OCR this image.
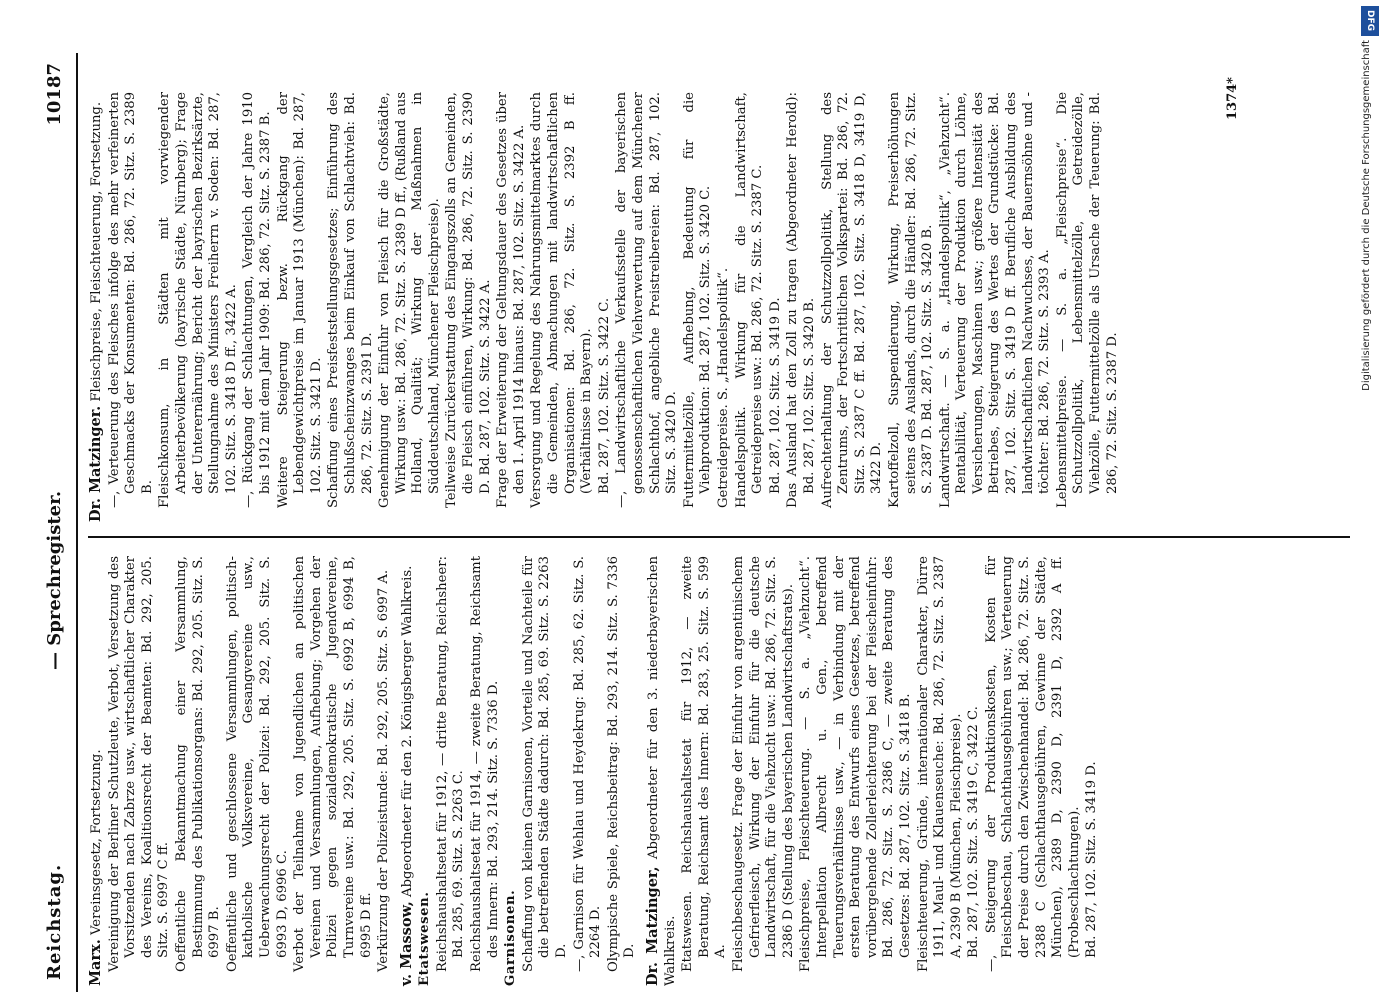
Reichstag.
— Sprechregister.
10187

Marx. Vereinsgesetz, Fortsetzung. Vereinigung der Berliner Schutzleute, Verbot, Versetzung des Vorsitzenden nach Zabrze usw., wirtschaftlicher Charakter des Vereins, Koalitionsrecht der Beamten: Bd. 292, 205. Sitz. S. 6997 C ff. Oeffentliche Bekanntmachung einer Versammlung, Bestimmung des Publikationsorgans: Bd. 292, 205. Sitz. S. 6997 B. Oeffentliche und geschlossene Versammlungen, politisch-katholische Volksvereine, Gesangvereine usw., Ueberwachungsrecht der Polizei: Bd. 292, 205. Sitz. S. 6993 D, 6996 C. Verbot der Teilnahme von Jugendlichen an politischen Vereinen und Versammlungen, Aufhebung; Vorgehen der Polizei gegen sozialdemokratische Jugendvereine, Turnvereine usw.: Bd. 292, 205. Sitz. S. 6992 B, 6994 B, 6995 D ff. Verkürzung der Polizeistunde: Bd. 292, 205. Sitz. S. 6997 A. v. Massow, Abgeordneter für den 2. Königsberger Wahlkreis.

Etatswesen. Reichshaushaltsetat für 1912, — dritte Beratung, Reichsheer: Bd. 285, 69. Sitz. S. 2263 C. Reichshaushaltsetat für 1914, — zweite Beratung, Reichsamt des Innern: Bd. 293, 214. Sitz. S. 7336 D. Garnisonen. Schaffung von kleinen Garnisonen, Vorteile und Nachteile für die betreffenden Städte dadurch: Bd. 285, 69. Sitz. S. 2263 D. —, Garnison für Wehlau und Heydekrug: Bd. 285, 62. Sitz. S. 2264 D. Olympische Spiele, Reichsbeitrag: Bd. 293, 214. Sitz. S. 7336 D. Dr. Matzinger, Abgeordneter für den 3. niederbayerischen Wahlkreis. Etatswesen. Reichshaushaltsetat für 1912, — zweite Beratung, Reichsamt des Innern: Bd. 283, 25. Sitz. S. 599 A. Fleischbeschaugesetz. Frage der Einfuhr von argentinischem Gefrierfleisch, Wirkung der Einfuhr für die deutsche Landwirtschaft, für die Viehzucht usw.: Bd. 286, 72. Sitz. S. 2386 D (Stellung des bayerischen Landwirtschaftsrats). Fleischpreise, Fleischteuerung. — S. a. „Viehzucht“. Interpellation Albrecht u. Gen., betreffend Teuerungsverhältnisse usw., — in Verbindung mit der ersten Beratung des Entwurfs eines Gesetzes, betreffend vorübergehende Zollerleichterung bei der Fleischeinfuhr: Bd. 286, 72. Sitz. S. 2386 C, — zweite Beratung des Gesetzes: Bd. 287, 102. Sitz. S. 3418 B. Fleischteuerung, Gründe, internationaler Charakter, Dürre 1911, Maul- und Klauenseuche: Bd. 286, 72. Sitz. S. 2387 A, 2390 B (München, Fleischpreise). Bd. 287, 102. Sitz. S. 3419 C, 3422 C. —, Steigerung der Produktionskosten, Kosten für Fleischbeschau, Schlachthausgebühren usw.; Verteuerung der Preise durch den Zwischenhandel: Bd. 286, 72. Sitz. S. 2388 C (Schlachthausgebühren, Gewinne der Städte, München), 2389 D, 2390 D, 2391 D, 2392 A ff. (Probeschlachtungen). Bd. 287, 102. Sitz. S. 3419 D.

Dr. Matzinger. Fleischpreise, Fleischteuerung, Fortsetzung. —, Verteuerung des Fleisches infolge des mehr verfeinerten Geschmacks der Konsumenten: Bd. 286, 72. Sitz. S. 2389 B. Fleischkonsum, in Städten mit vorwiegender Arbeiterbevölkerung (bayrische Städte, Nürnberg); Frage der Unterernährung; Bericht der bayrischen Bezirksärzte, Stellungnahme des Ministers Freiherrn v. Soden: Bd. 287, 102. Sitz. S. 3418 D ff., 3422 A. —, Rückgang der Schlachtungen, Vergleich der Jahre 1910 bis 1912 mit dem Jahr 1909: Bd. 286, 72. Sitz. S. 2387 B. Weitere Steigerung bezw. Rückgang der Lebendgewichtpreise im Januar 1913 (München): Bd. 287, 102. Sitz. S. 3421 D. Schaffung eines Preisfeststellungsgesetzes; Einführung des Schlußscheinzwanges beim Einkauf von Schlachtvieh: Bd. 286, 72. Sitz. S. 2391 D. Genehmigung der Einfuhr von Fleisch für die Großstädte, Wirkung usw.: Bd. 286, 72. Sitz. S. 2389 D ff., (Rußland aus Holland, Qualität; Wirkung der Maßnahmen in Süddeutschland, Münchener Fleischpreise). Teilweise Zurückerstattung des Eingangszolls an Gemeinden, die Fleisch einführen, Wirkung: Bd. 286, 72. Sitz. S. 2390 D. Bd. 287, 102. Sitz. S. 3422 A. Frage der Erweiterung der Geltungsdauer des Gesetzes über den 1. April 1914 hinaus: Bd. 287, 102. Sitz. S. 3422 A. Versorgung und Regelung des Nahrungsmittelmarktes durch die Gemeinden, Abmachungen mit landwirtschaftlichen Organisationen: Bd. 286, 72. Sitz. S. 2392 B ff. (Verhältnisse in Bayern). Bd. 287, 102. Sitz. S. 3422 C. —, Landwirtschaftliche Verkaufsstelle der bayerischen genossenschaftlichen Viehverwertung auf dem Münchener Schlachthof, angebliche Preistreibereien: Bd. 287, 102. Sitz. S. 3420 D. Futtermittelzölle, Aufhebung, Bedeutung für die Viehproduktion: Bd. 287, 102. Sitz. S. 3420 C. Getreidepreise. S. „Handelspolitik“. Handelspolitik. Wirkung für die Landwirtschaft, Getreidepreise usw.: Bd. 286, 72. Sitz. S. 2387 C. Bd. 287, 102. Sitz. S. 3419 D. Das Ausland hat den Zoll zu tragen (Abgeordneter Herold): Bd. 287, 102. Sitz. S. 3420 B. Aufrechterhaltung der Schutzzollpolitik, Stellung des Zentrums, der Fortschrittlichen Volkspartei: Bd. 286, 72. Sitz. S. 2387 C ff. Bd. 287, 102. Sitz. S. 3418 D, 3419 D, 3422 D. Kartoffelzoll, Suspendierung, Wirkung, Preiserhöhungen seitens des Auslands, durch die Händler: Bd. 286, 72. Sitz. S. 2387 D. Bd. 287, 102. Sitz. S. 3420 B. Landwirtschaft. — S. a. „Handelspolitik“, „Viehzucht“. Rentabilität, Verteuerung der Produktion durch Löhne, Versicherungen, Maschinen usw.; größere Intensität des Betriebes, Steigerung des Wertes der Grundstücke: Bd. 287, 102. Sitz. S. 3419 D ff. Berufliche Ausbildung des landwirtschaftlichen Nachwuchses, der Bauernsöhne und -töchter: Bd. 286, 72. Sitz. S. 2393 A. Lebensmittelpreise. — S. a. „Fleischpreise“. Die Schutzzollpolitik, Lebensmittelzölle, Getreidezölle, Viehzölle, Futtermittelzölle als Ursache der Teuerung: Bd. 286, 72. Sitz. S. 2387 D.

1374*
DFG
Digitalisierung gefördert durch die Deutsche Forschungsgemeinschaft
